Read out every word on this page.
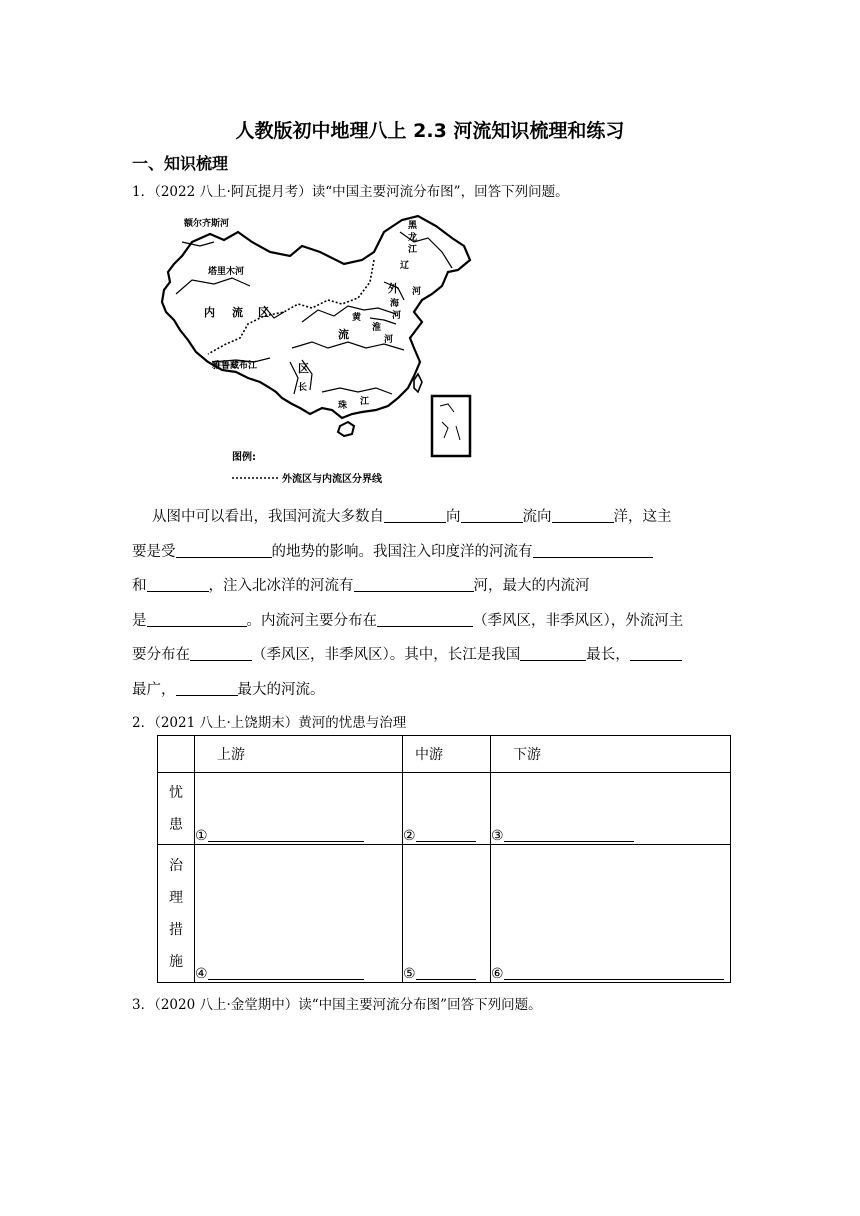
人教版初中地理八上 2.3 河流知识梳理和练习
一、知识梳理
1．（2022 八上·阿瓦提月考）读“中国主要河流分布图”，回答下列问题。
额尔齐斯河
塔里木河
雅鲁藏布江
内 流 区
外
流
区
黑
龙
江
辽
河
海
河
黄
淮
河
长
珠 江
图例:
外流区与内流区分界线

从图中可以看出，我国河流大多数自	向	流向	洋，这主

要是受	的地势的影响。我国注入印度洋的河流有

和	，注入北冰洋的河流有	河，最大的内流河

是	。内流河主要分布在	（季风区，非季风区），外流河主

要分布在	（季风区，非季风区）。其中，长江是我国	最长，

最广，	最大的河流。

2．（2021 八上·上饶期末）黄河的忧患与治理
	上游	中游	下游
忧
患	①	②	③
治
理
措
施	④	⑤	⑥
3．（2020 八上·金堂期中）读“中国主要河流分布图”回答下列问题。
